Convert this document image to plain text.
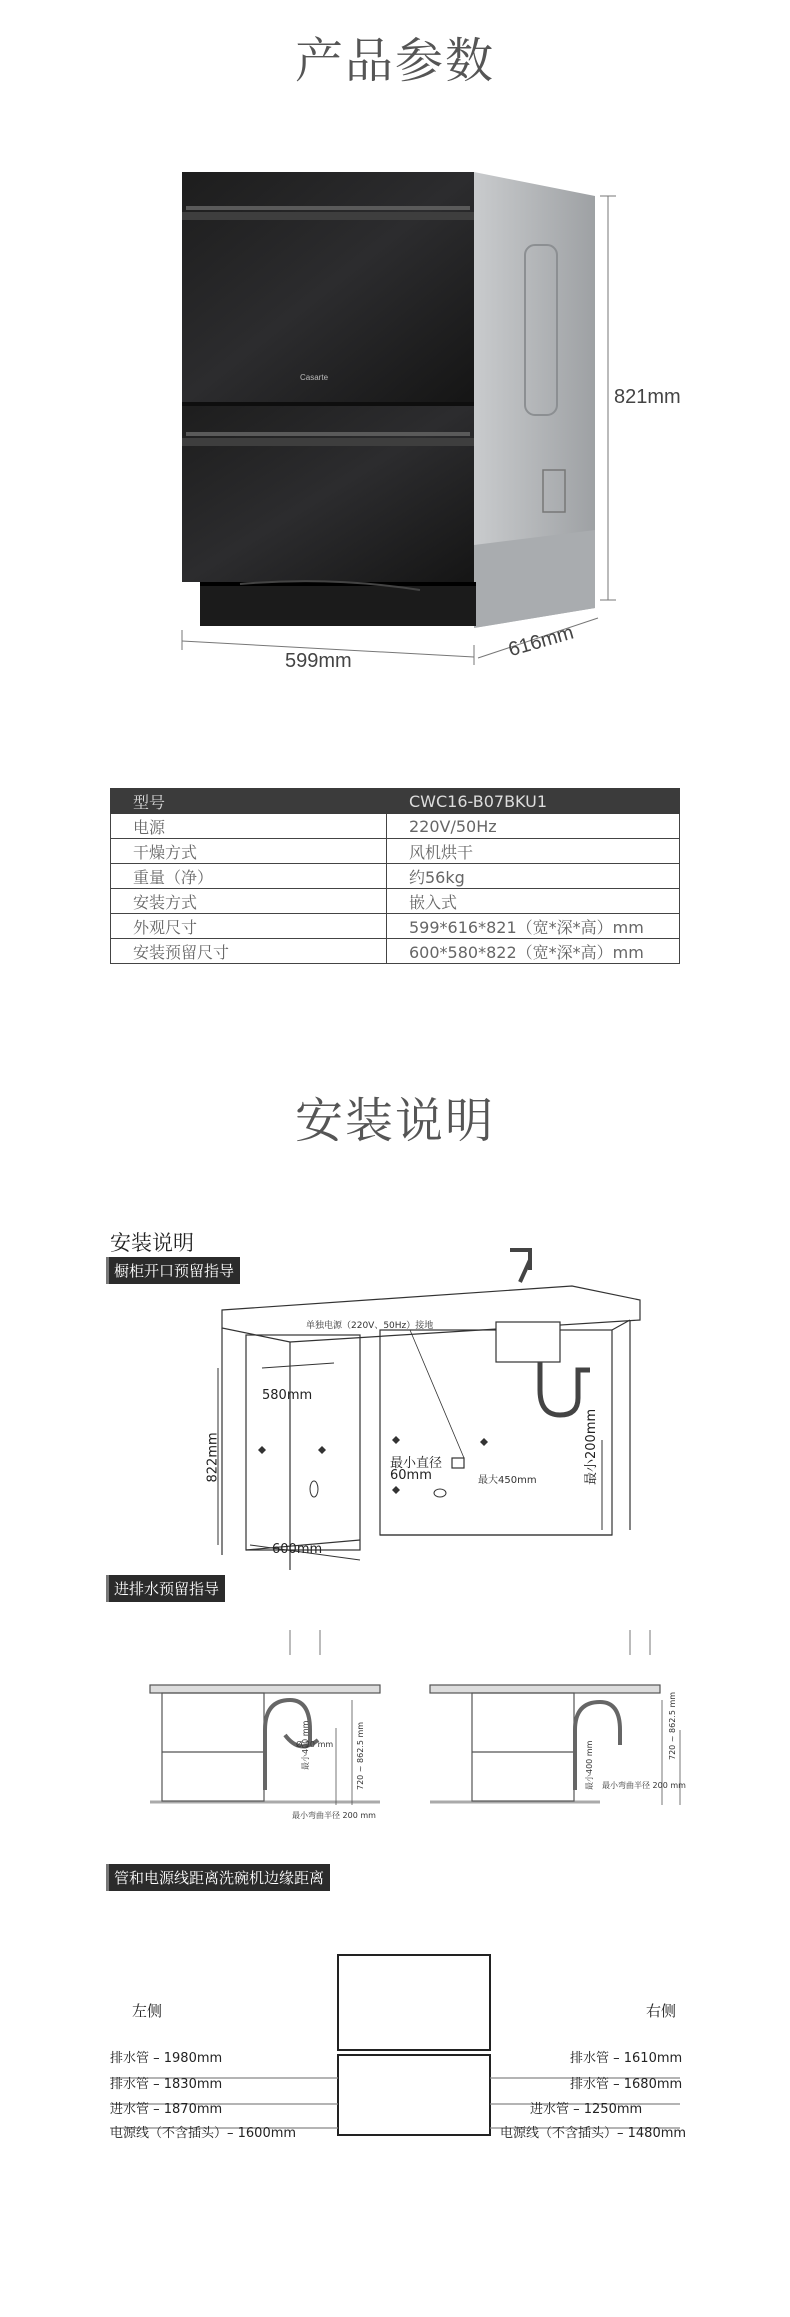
产品参数
Casarte
821mm
599mm	616mm
型号	CWC16-B07BKU1
电源	220V/50Hz
干燥方式	风机烘干
重量（净）	约56kg
安装方式	嵌入式
外观尺寸	599*616*821（宽*深*高）mm
安装预留尺寸	600*580*822（宽*深*高）mm
安装说明
安装说明
橱柜开口预留指导
单独电源（220V、50Hz）接地
580mm
822mm
600mm
最小直径
60mm	最大450mm	最小200mm
进排水预留指导
Ø 30 mm
最小400 mm	720 ~ 862.5 mm
最小弯曲半径 200 mm
720 ~ 862.5 mm
最小400 mm 最小弯曲半径 200 mm
管和电源线距离洗碗机边缘距离
左侧	右侧
排水管 – 1980mm
排水管 – 1830mm
进水管 – 1870mm
电源线（不含插头）– 1600mm
排水管 – 1610mm
排水管 – 1680mm
进水管 – 1250mm
电源线（不含插头）– 1480mm
